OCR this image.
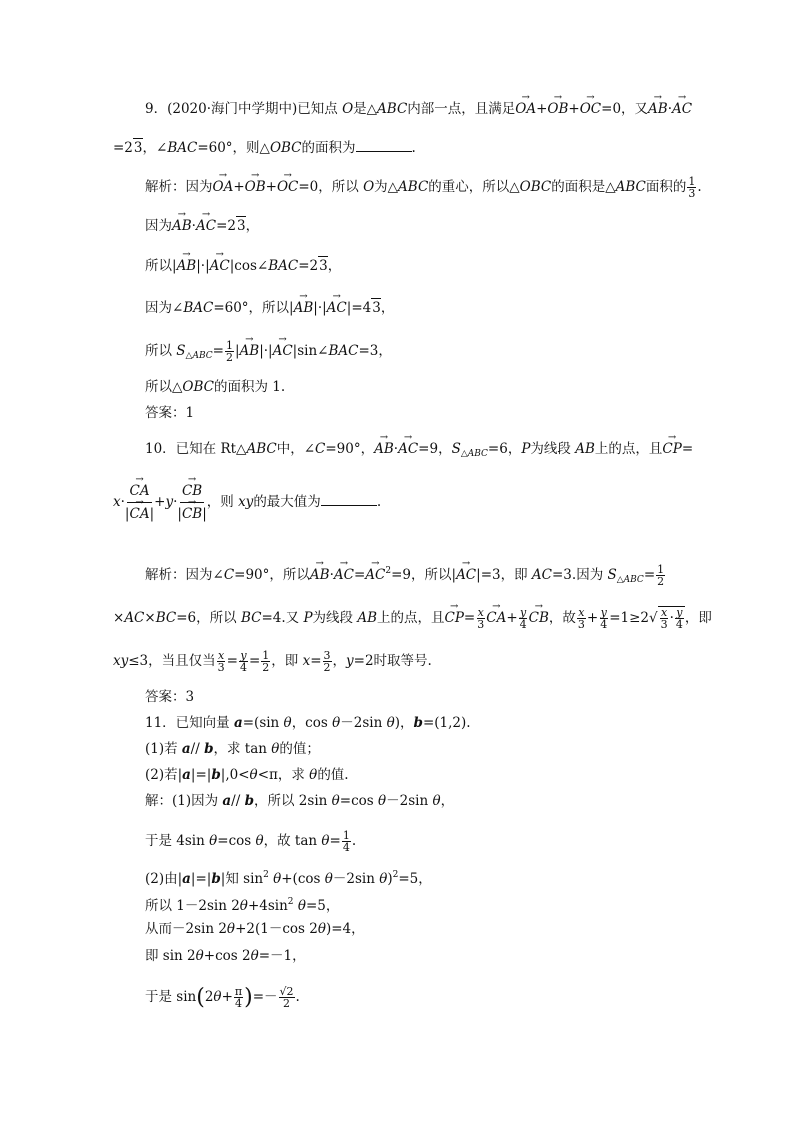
9．(2020·海门中学期中)已知点 O是△ABC内部一点，且满足→ OA+→ OB+→ OC=0，又→ AB·→ AC
=23，∠BAC=60°，则△OBC的面积为	.
解析：因为→ OA+→ OB+→ OC=0，所以 O为△ABC的重心，所以△OBC的面积是△ABC面积的 $\frac{1}{3}$ .
因为→ AB·→ AC=23，
所以|→ AB|·|→ AC|cos∠BAC=23，
因为∠BAC=60°，所以|→ AB|·|→ AC|=43，
所以 $S_{\triangle ABC}= \frac{1}{2}$ |→ AB|·|→ AC|sin∠BAC=3，
所以△OBC的面积为 1.
答案：1
10．已知在 Rt△ABC中，∠C=90°，→ AB·→ AC=9，$S_{\triangle ABC}=6$，P为线段 AB上的点，且→ CP=
x·
→ $\frac{CA}{|\to CA|} +y\cdot$
→ $\frac{CB}{|\to CB|}$ ，则 xy的最大值为	.
解析：因为∠C=90°，所以→ $AB\cdot\to AC=\to AC^2=9$，所以|→ AC|=3，即 AC=3.因为 $S_{\triangle ABC}= \frac{1}{2}$
×AC×BC=6，所以 BC=4.又 P为线段 AB上的点，且→ $CP= \frac{x}{3}$
→ $CA+ \frac{y}{4}$
→ CB，故 $\frac{x}{3} + \frac{y}{4} =1\ge 2√ \frac{x}{3} \cdot \frac{y}{4}$ ，即
xy≤3，当且仅当 $\frac{x}{3} = \frac{y}{4} = \frac{1}{2}$ ，即 $x= \frac{3}{2}$ ，y=2时取等号.
答案：3
11．已知向量 a=(sin θ，cos θ－2sin θ)，b=(1,2).
(1)若 a// b，求 tan θ的值；
(2)若|a|=|b|,0<θ<π，求 θ的值.
解：(1)因为 a// b，所以 2sin θ=cos θ－2sin θ，
于是 4sin θ=cos θ，故 $\tan \theta= \frac{1}{4}$ .
(2)由|a|=|b|知 $\sin^2 \theta+(\cos$ θ－2sin θ)$^2$=5，
所以 1－2sin $2\theta+4\sin^2$ θ=5，
从而－2sin 2θ+2(1－cos 2θ)=4，
即 sin 2θ+cos 2θ=－1，
于是 $\sin(2\theta+ \frac{\pi}{4}$ )=－ $\frac{√2}{2}$ .
